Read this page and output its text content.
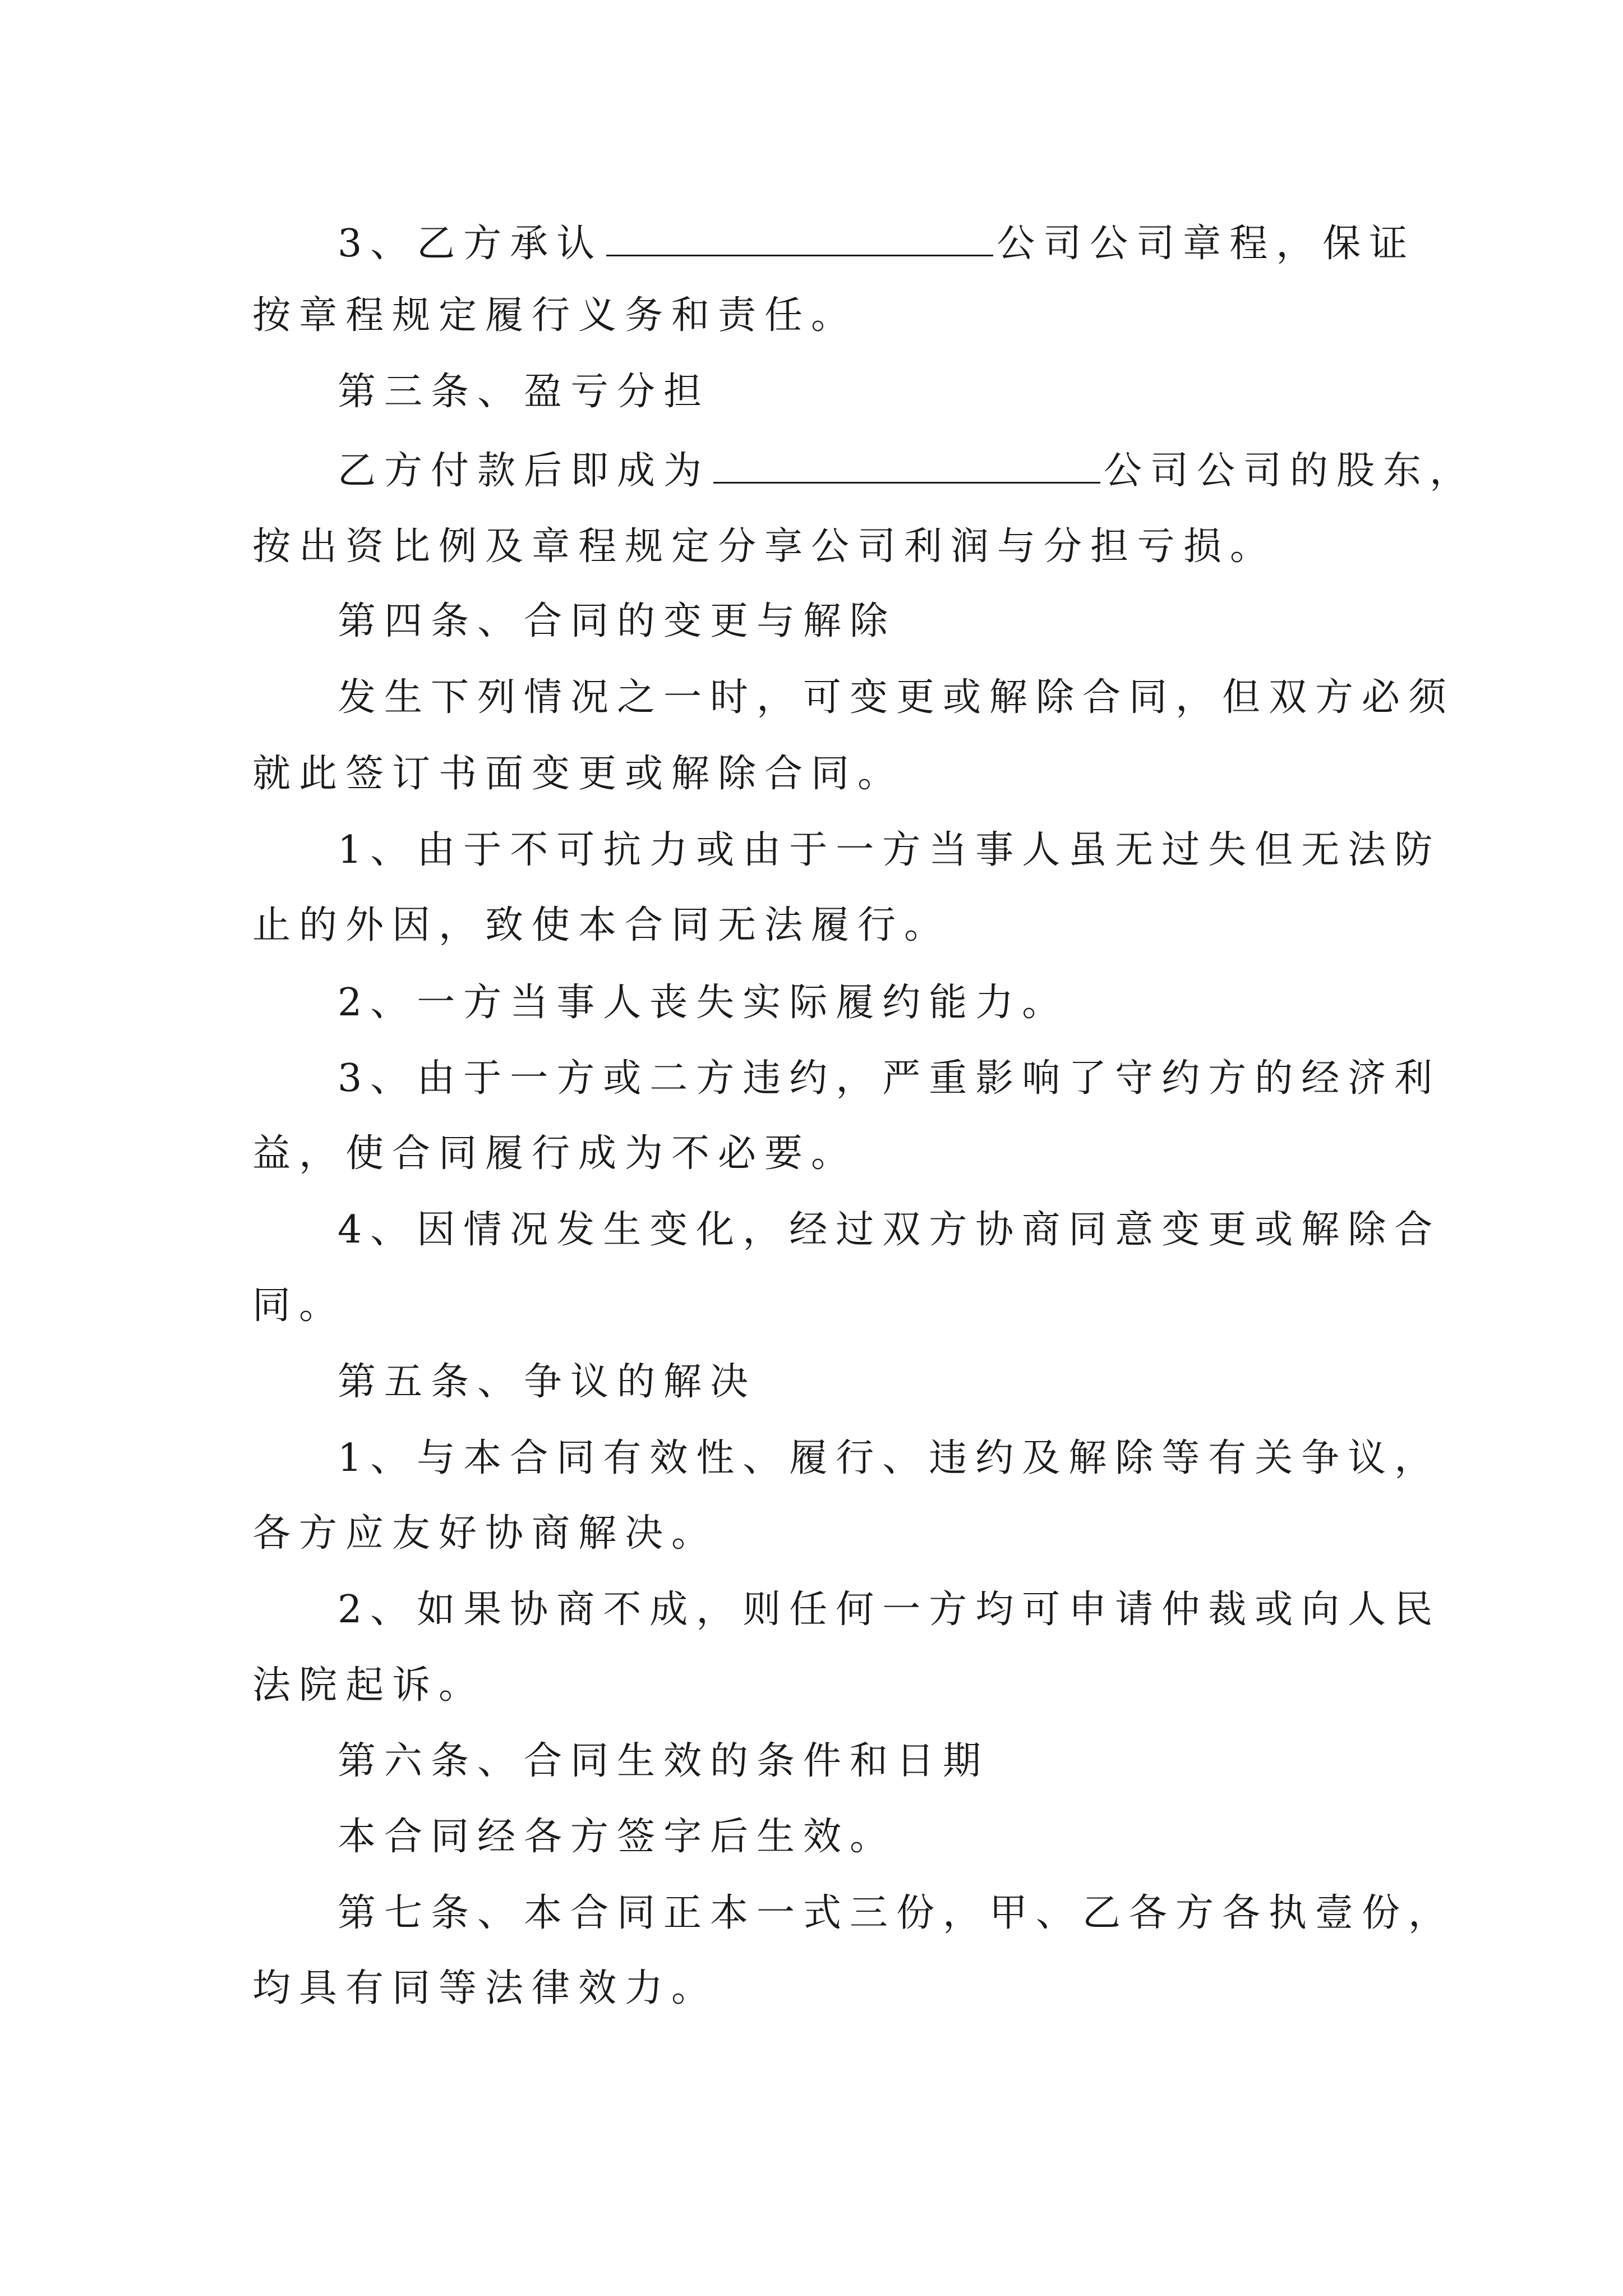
3、乙方承认	公司公司章程，保证
按章程规定履行义务和责任。
第三条、盈亏分担
乙方付款后即成为	公司公司的股东，
按出资比例及章程规定分享公司利润与分担亏损。
第四条、合同的变更与解除
发生下列情况之一时，可变更或解除合同，但双方必须
就此签订书面变更或解除合同。
1、由于不可抗力或由于一方当事人虽无过失但无法防
止的外因，致使本合同无法履行。
2、一方当事人丧失实际履约能力。
3、由于一方或二方违约，严重影响了守约方的经济利
益，使合同履行成为不必要。
4、因情况发生变化，经过双方协商同意变更或解除合
同。
第五条、争议的解决
1、与本合同有效性、履行、违约及解除等有关争议，
各方应友好协商解决。
2、如果协商不成，则任何一方均可申请仲裁或向人民
法院起诉。
第六条、合同生效的条件和日期
本合同经各方签字后生效。
第七条、本合同正本一式三份，甲、乙各方各执壹份，
均具有同等法律效力。
